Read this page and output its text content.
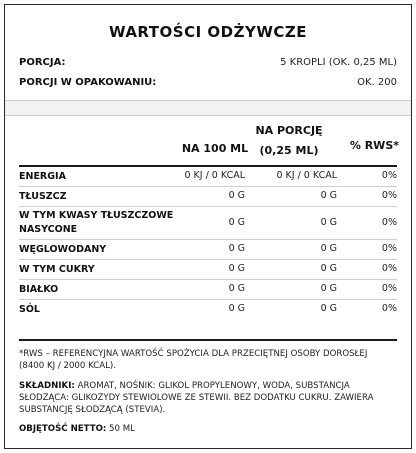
WARTOŚCI ODŻYWCZE
PORCJA:	5 KROPLI (OK. 0,25 ML)
PORCJI W OPAKOWANIU:	OK. 200
NA 100 ML
NA PORCJĘ
(0,25 ML)	% RWS*
ENERGIA	0 KJ / 0 KCAL	0 KJ / 0 KCAL	0%
TŁUSZCZ	0 G	0 G	0%
W TYM KWASY TŁUSZCZOWE
NASYCONE
0 G	0 G	0%
WĘGLOWODANY	0 G	0 G	0%
W TYM CUKRY	0 G	0 G	0%
BIAŁKO	0 G	0 G	0%
SÓL	0 G	0 G	0%
*RWS – REFERENCYJNA WARTOŚĆ SPOŻYCIA DLA PRZECIĘTNEJ OSOBY DOROSŁEJ
(8400 KJ / 2000 KCAL).
SKŁADNIKI: AROMAT, NOŚNIK: GLIKOL PROPYLENOWY, WODA, SUBSTANCJA
SŁODZĄCA: GLIKOZYDY STEWIOLOWE ZE STEWII. BEZ DODATKU CUKRU. ZAWIERA
SUBSTANCJĘ SŁODZĄCĄ (STEVIA).
OBJĘTOŚĆ NETTO: 50 ML
